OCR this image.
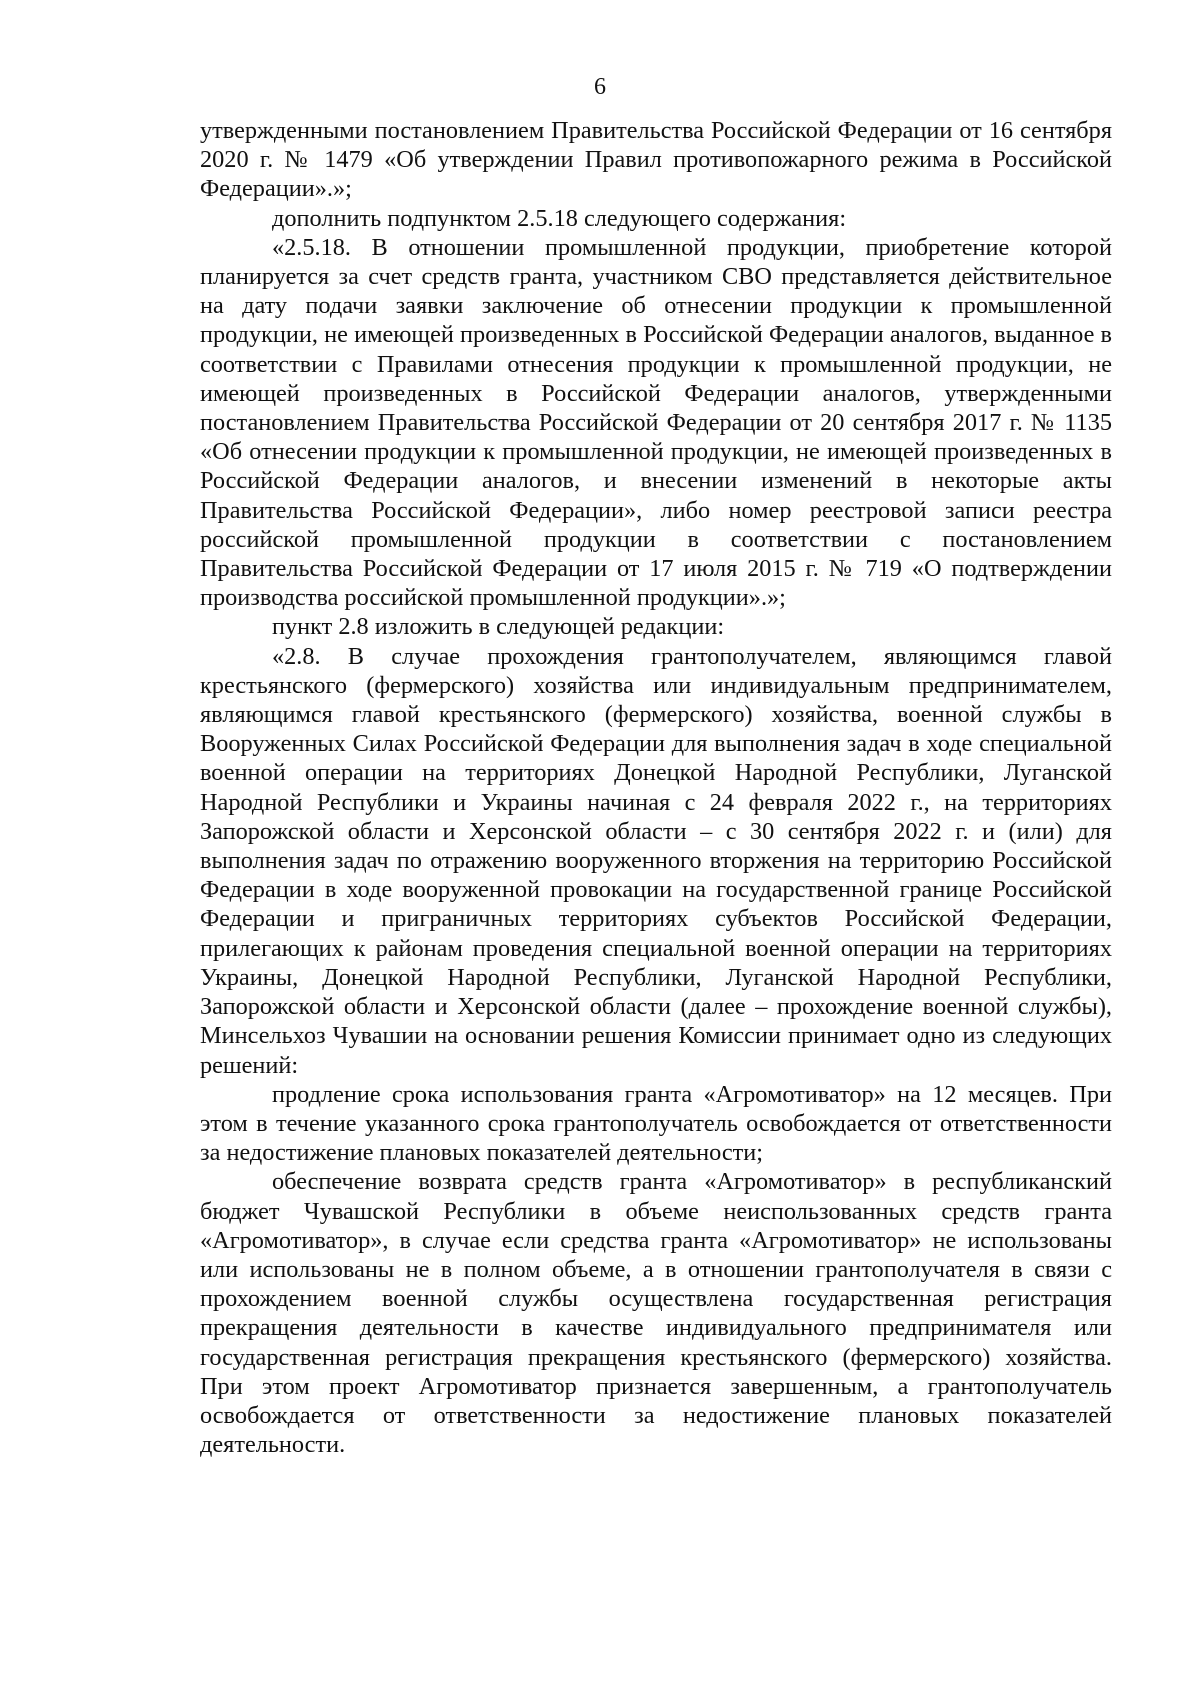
6

утвержденными постановлением Правительства Российской Федерации от 16 сентября 2020 г. № 1479 «Об утверждении Правил противопожарного режима в Российской Федерации».»;

дополнить подпунктом 2.5.18 следующего содержания:

«2.5.18. В отношении промышленной продукции, приобретение которой планируется за счет средств гранта, участником СВО представляется действительное на дату подачи заявки заключение об отнесении продукции к промышленной продукции, не имеющей произведенных в Российской Федерации аналогов, выданное в соответствии с Правилами отнесения продукции к промышленной продукции, не имеющей произведенных в Российской Федерации аналогов, утвержденными постановлением Правительства Российской Федерации от 20 сентября 2017 г. № 1135 «Об отнесении продукции к промышленной продукции, не имеющей произведенных в Российской Федерации аналогов, и внесении изменений в некоторые акты Правительства Российской Федерации», либо номер реестровой записи реестра российской промышленной продукции в соответствии с постановлением Правительства Российской Федерации от 17 июля 2015 г. № 719 «О подтверждении производства российской промышленной продукции».»;

пункт 2.8 изложить в следующей редакции:

«2.8. В случае прохождения грантополучателем, являющимся главой крестьянского (фермерского) хозяйства или индивидуальным предпринимателем, являющимся главой крестьянского (фермерского) хозяйства, военной службы в Вооруженных Силах Российской Федерации для выполнения задач в ходе специальной военной операции на территориях Донецкой Народной Республики, Луганской Народной Республики и Украины начиная с 24 февраля 2022 г., на территориях Запорожской области и Херсонской области – с 30 сентября 2022 г. и (или) для выполнения задач по отражению вооруженного вторжения на территорию Российской Федерации в ходе вооруженной провокации на государственной границе Российской Федерации и приграничных территориях субъектов Российской Федерации, прилегающих к районам проведения специальной военной операции на территориях Украины, Донецкой Народной Республики, Луганской Народной Республики, Запорожской области и Херсонской области (далее – прохождение военной службы), Минсельхоз Чувашии на основании решения Комиссии принимает одно из следующих решений:

продление срока использования гранта «Агромотиватор» на 12 месяцев. При этом в течение указанного срока грантополучатель освобождается от ответственности за недостижение плановых показателей деятельности;

обеспечение возврата средств гранта «Агромотиватор» в республиканский бюджет Чувашской Республики в объеме неиспользованных средств гранта «Агромотиватор», в случае если средства гранта «Агромотиватор» не использованы или использованы не в полном объеме, а в отношении грантополучателя в связи с прохождением военной службы осуществлена государственная регистрация прекращения деятельности в качестве индивидуального предпринимателя или государственная регистрация прекращения крестьянского (фермерского) хозяйства. При этом проект Агромотиватор признается завершенным, а грантополучатель освобождается от ответственности за недостижение плановых показателей деятельности.
